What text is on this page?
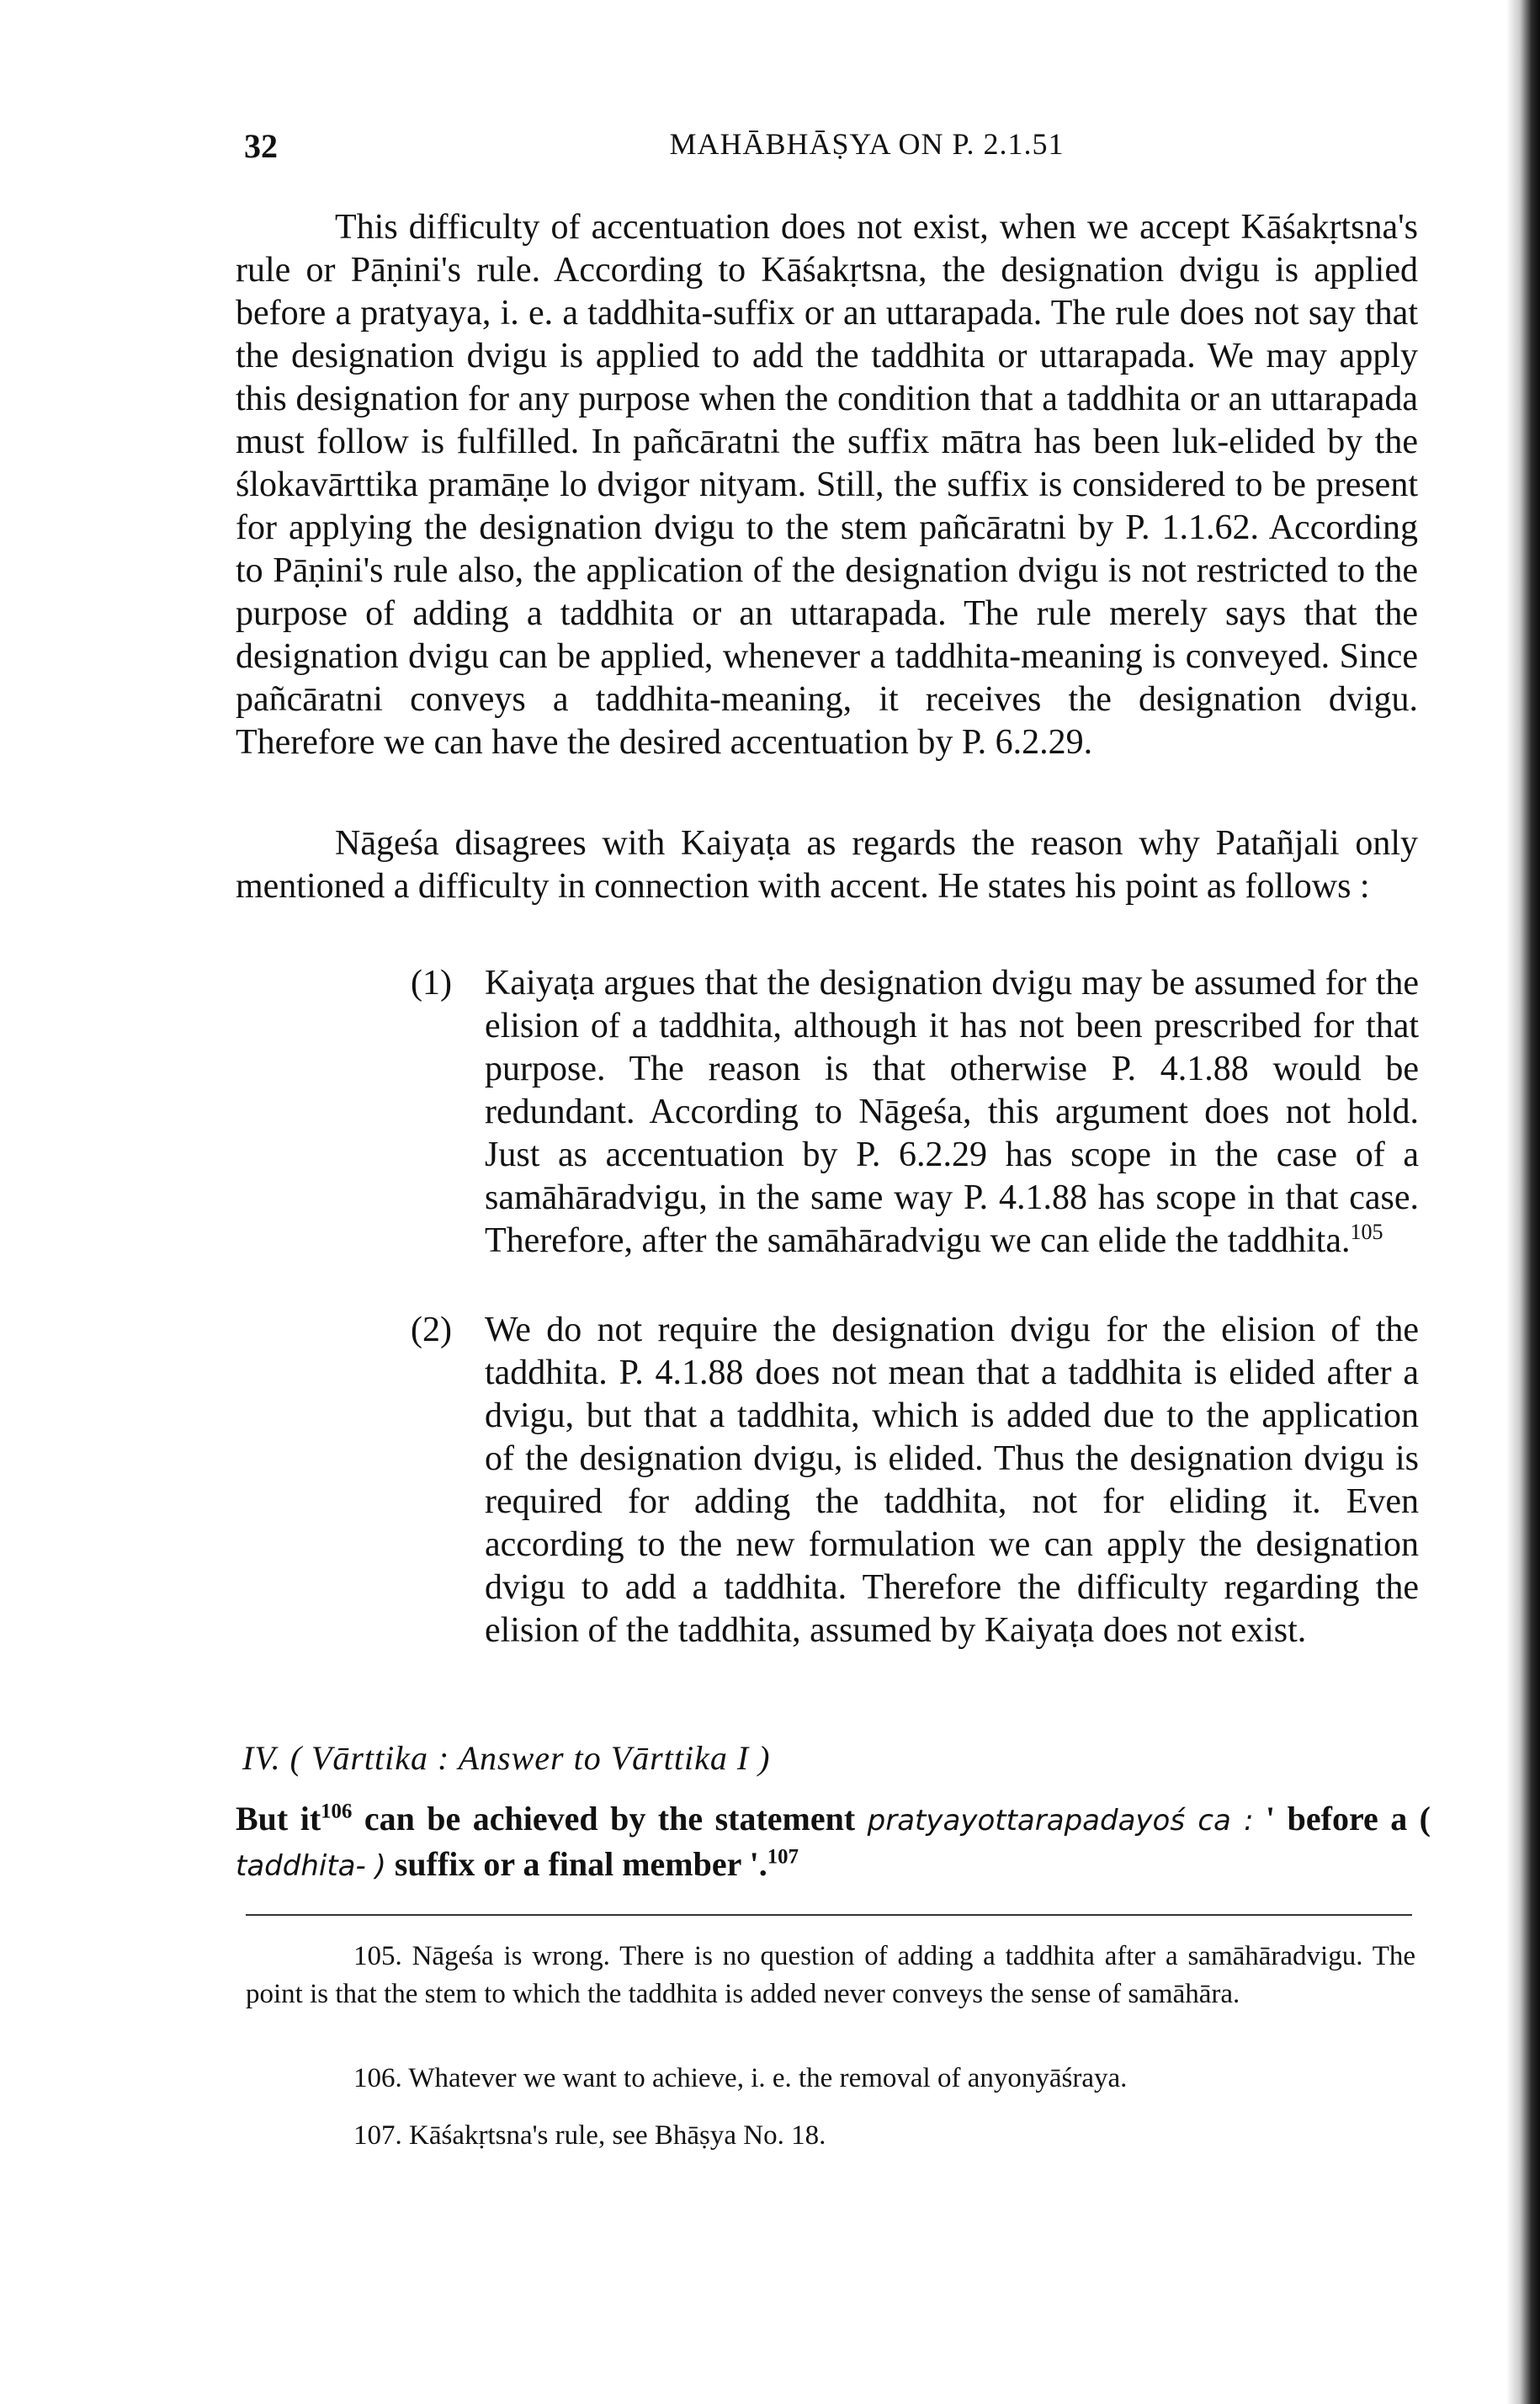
32	MAHĀBHĀṢYA ON P. 2.1.51

This difficulty of accentuation does not exist, when we accept Kāśakṛtsna's rule or Pāṇini's rule. According to Kāśakṛtsna, the designation dvigu is applied before a pratyaya, i. e. a taddhita-suffix or an uttarapada. The rule does not say that the designation dvigu is applied to add the taddhita or uttarapada. We may apply this designation for any purpose when the condition that a taddhita or an uttarapada must follow is fulfilled. In pañcāratni the suffix mātra has been luk-elided by the ślokavārttika pramāṇe lo dvigor nityam. Still, the suffix is considered to be present for applying the designation dvigu to the stem pañcāratni by P. 1.1.62. According to Pāṇini's rule also, the application of the designation dvigu is not restricted to the purpose of adding a taddhita or an uttarapada. The rule merely says that the designation dvigu can be applied, whenever a taddhita-meaning is conveyed. Since pañcāratni conveys a taddhita-meaning, it receives the designation dvigu. Therefore we can have the desired accentuation by P. 6.2.29.

Nāgeśa disagrees with Kaiyaṭa as regards the reason why Patañjali only mentioned a difficulty in connection with accent. He states his point as follows :

(1) Kaiyaṭa argues that the designation dvigu may be assumed for the elision of a taddhita, although it has not been prescribed for that purpose. The reason is that otherwise P. 4.1.88 would be redundant. According to Nāgeśa, this argument does not hold. Just as accentuation by P. 6.2.29 has scope in the case of a samāhāradvigu, in the same way P. 4.1.88 has scope in that case. Therefore, after the samāhāradvigu we can elide the taddhita.$^{105}$

(2) We do not require the designation dvigu for the elision of the taddhita. P. 4.1.88 does not mean that a taddhita is elided after a dvigu, but that a taddhita, which is added due to the application of the designation dvigu, is elided. Thus the designation dvigu is required for adding the taddhita, not for eliding it. Even according to the new formulation we can apply the designation dvigu to add a taddhita. Therefore the difficulty regarding the elision of the taddhita, assumed by Kaiyaṭa does not exist.

IV. ( Vārttika : Answer to Vārttika I )

But $it^{106}$ can be achieved by the statement pratyayottarapadayoś ca : ' before a ( taddhita- ) suffix or a final member '.$^{107}$

105. Nāgeśa is wrong. There is no question of adding a taddhita after a samāhāradvigu. The point is that the stem to which the taddhita is added never conveys the sense of samāhāra.

106. Whatever we want to achieve, i. e. the removal of anyonyāśraya.

107. Kāśakṛtsna's rule, see Bhāṣya No. 18.
